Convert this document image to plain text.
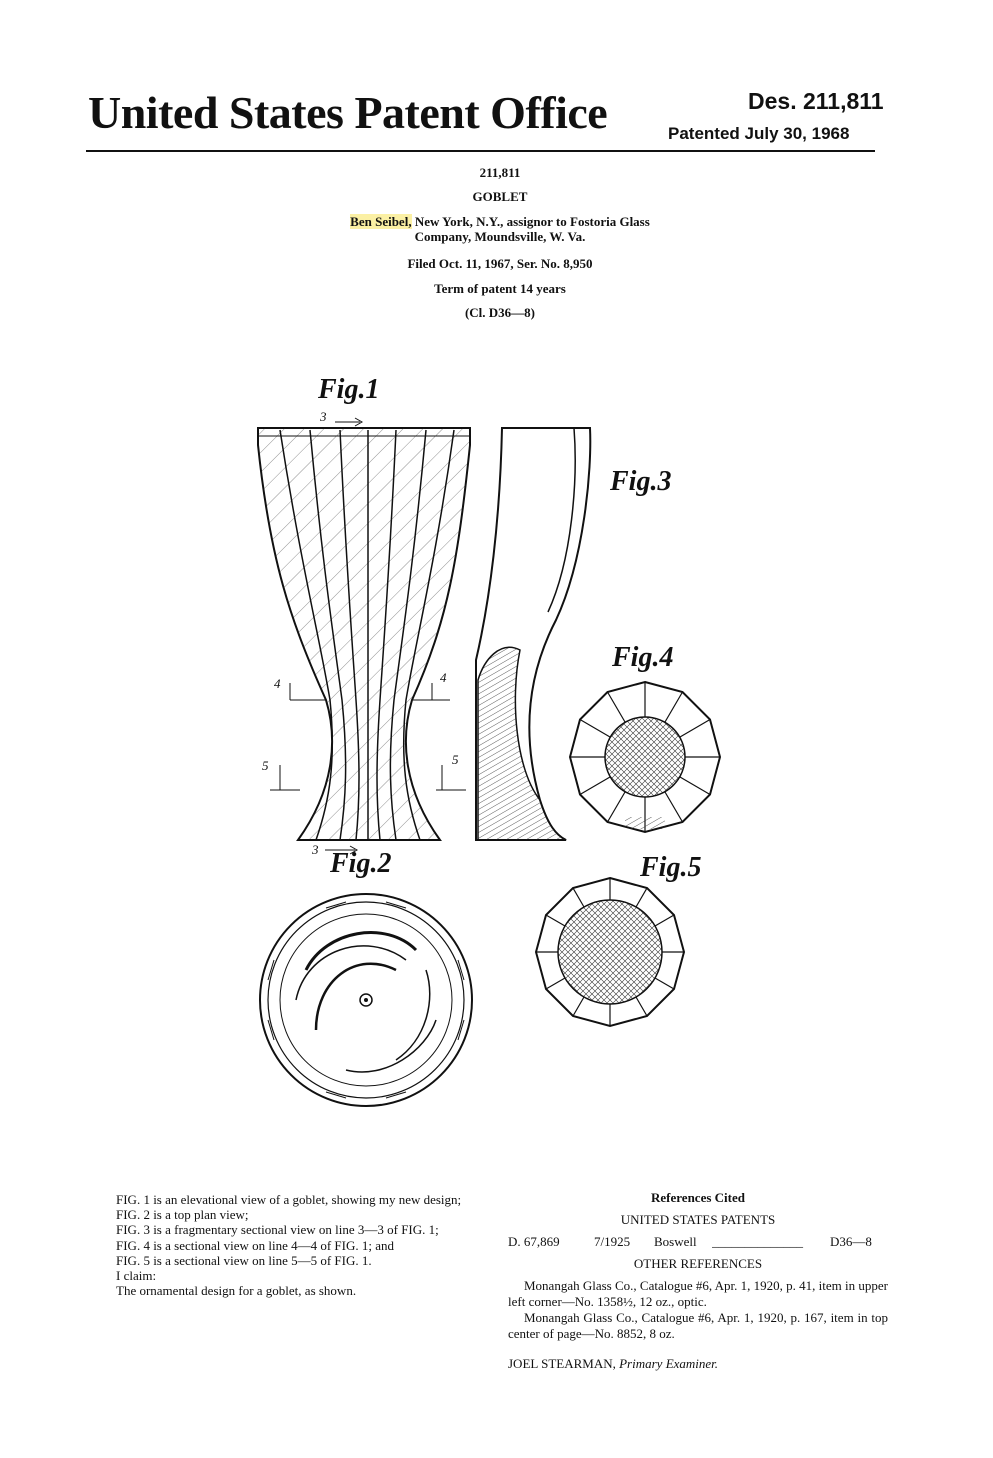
United States Patent Office	Des. 211,811
Patented July 30, 1968
211,811
GOBLET
Ben Seibel, New York, N.Y., assignor to Fostoria Glass
Company, Moundsville, W. Va.
Filed Oct. 11, 1967, Ser. No. 8,950
Term of patent 14 years
(Cl. D36—8)
Fig.1
Fig.3
Fig.4
Fig.2	Fig.5
3
3
4	4
5	5

FIG. 1 is an elevational view of a goblet, showing my new design;

FIG. 2 is a top plan view;

FIG. 3 is a fragmentary sectional view on line 3—3 of FIG. 1;

FIG. 4 is a sectional view on line 4—4 of FIG. 1; and

FIG. 5 is a sectional view on line 5—5 of FIG. 1.

I claim:

The ornamental design for a goblet, as shown.

References Cited
UNITED STATES PATENTS
D. 67,869	7/1925	Boswell	______________	D36—8
OTHER REFERENCES
Monangah Glass Co., Catalogue #6, Apr. 1, 1920, p. 41, item in upper left corner—No. 1358½, 12 oz., optic.
Monangah Glass Co., Catalogue #6, Apr. 1, 1920, p. 167, item in top center of page—No. 8852, 8 oz.
JOEL STEARMAN, Primary Examiner.
